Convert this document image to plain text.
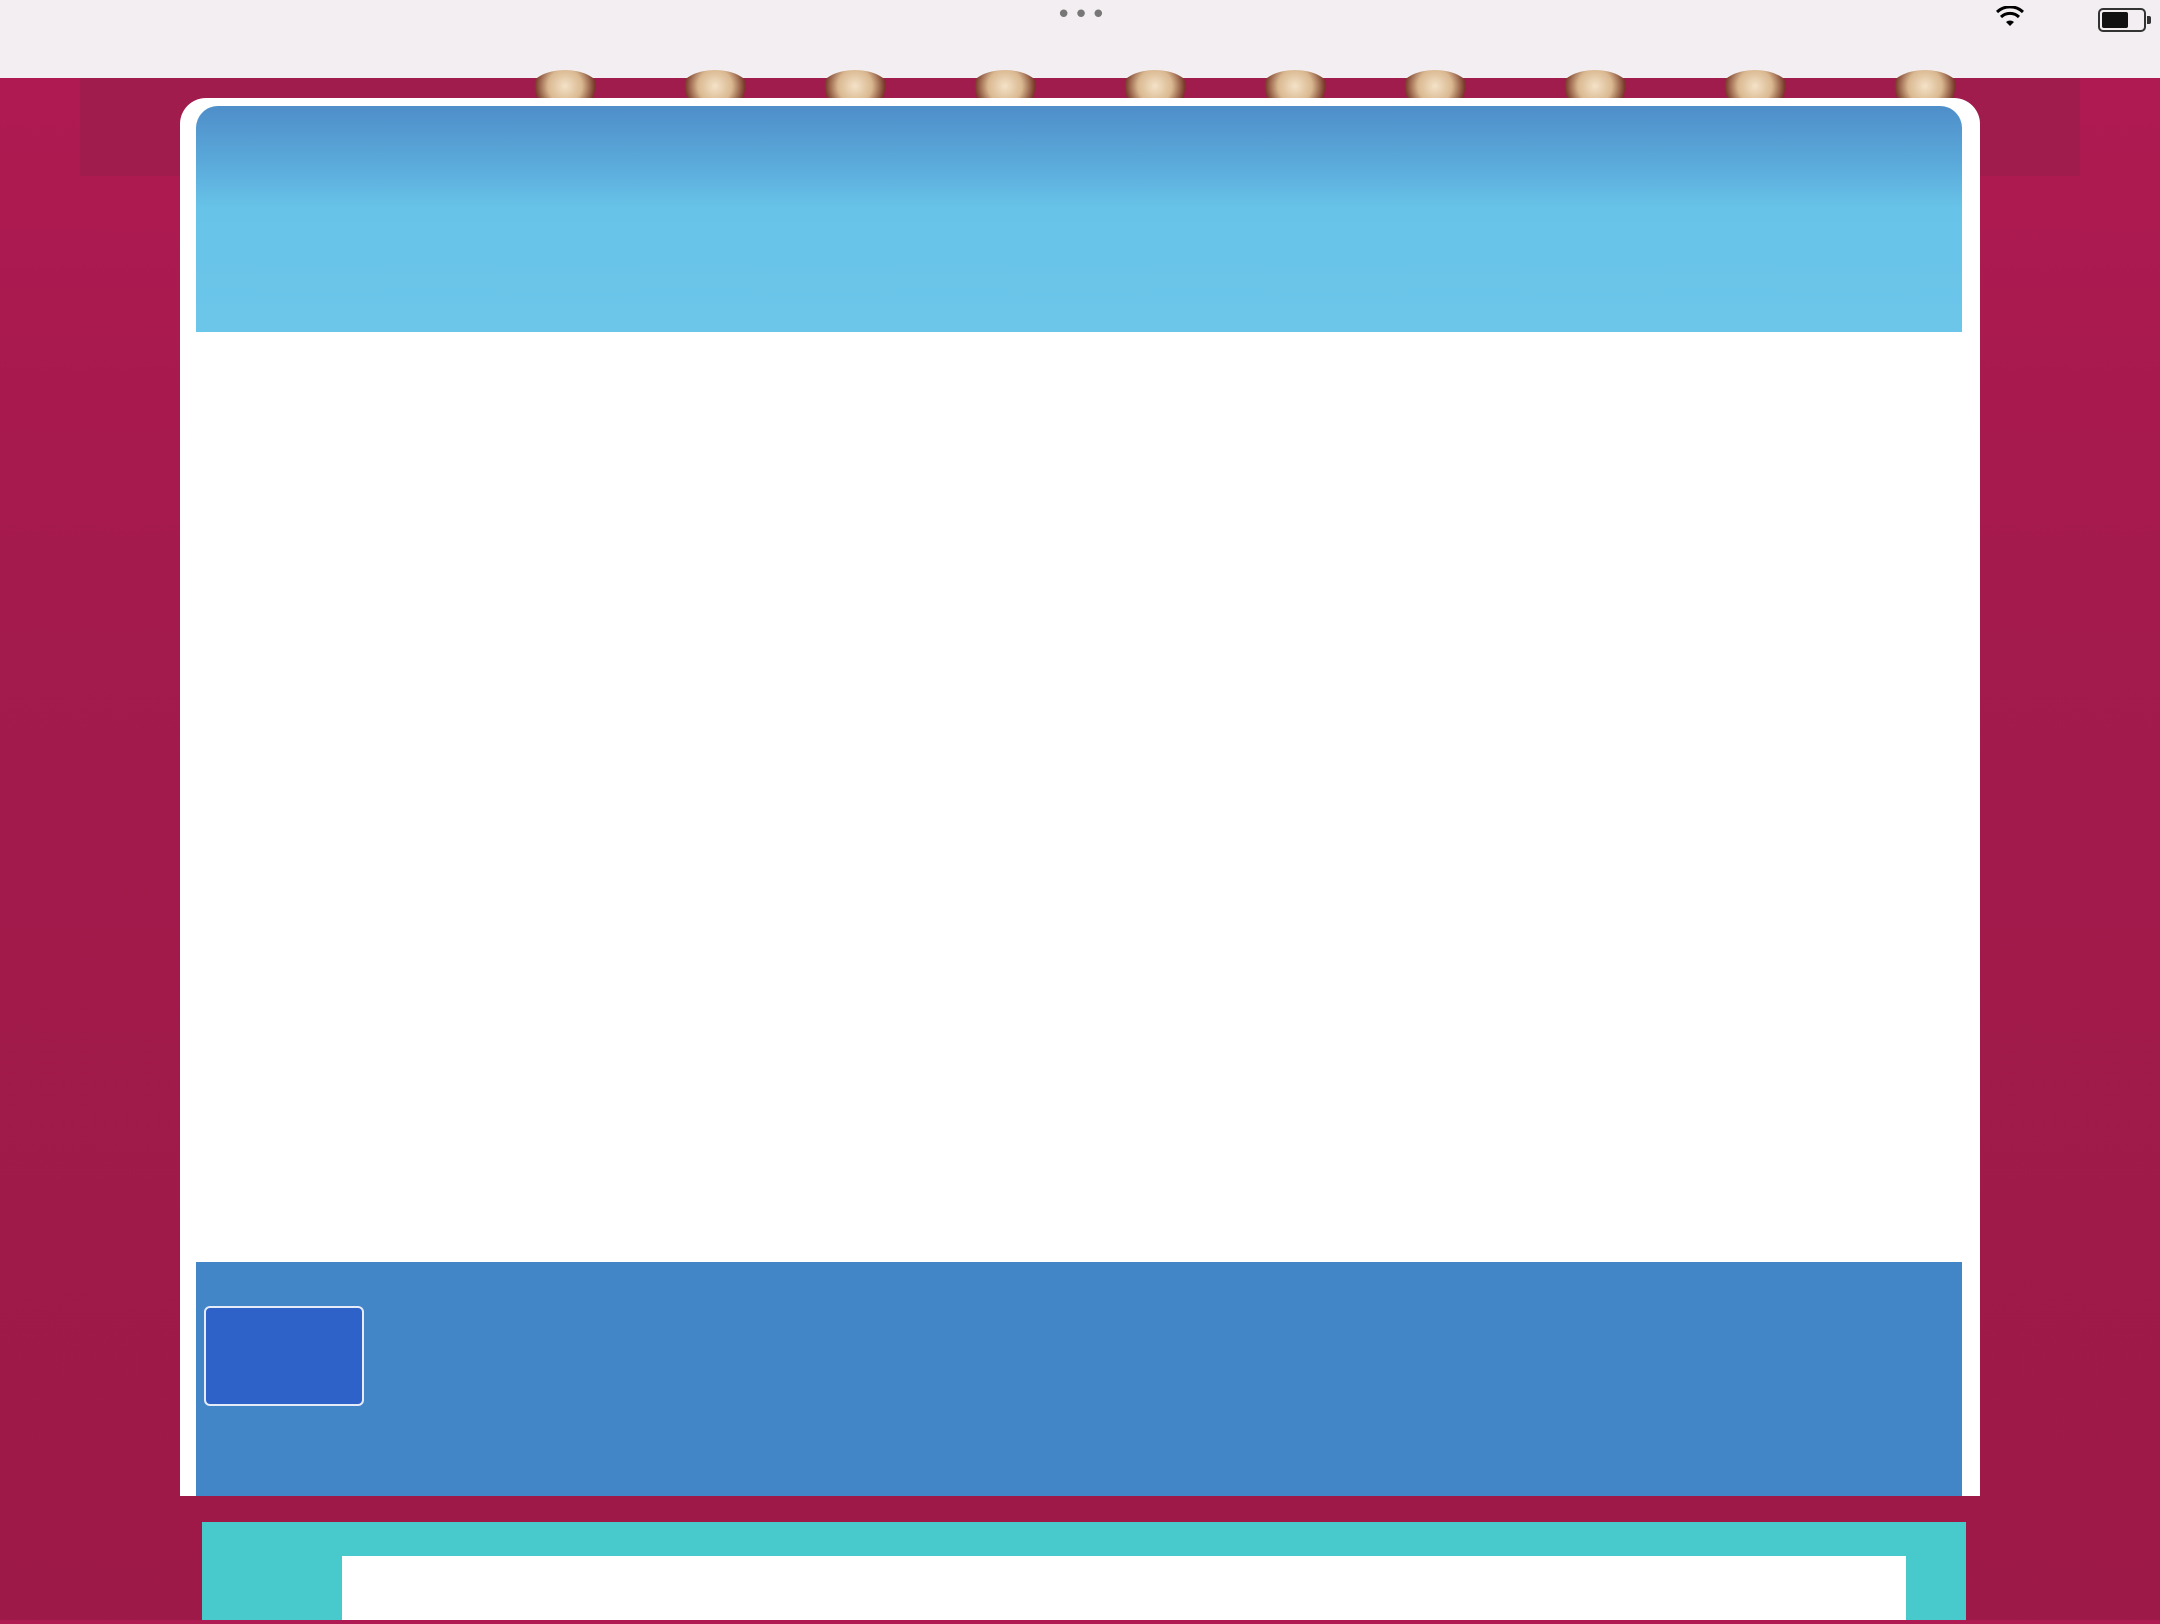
•••
